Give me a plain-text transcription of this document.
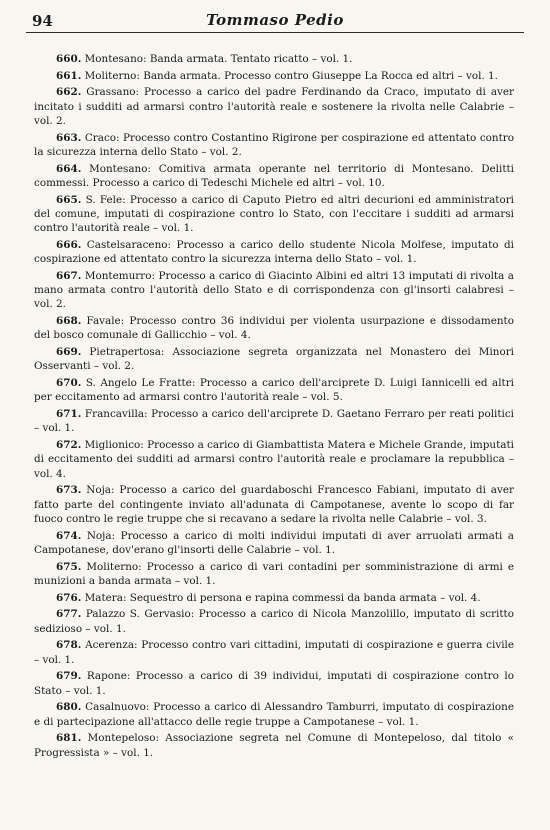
94	Tommaso Pedio

660. Montesano: Banda armata. Tentato ricatto – vol. 1.

661. Moliterno: Banda armata. Processo contro Giuseppe La Rocca ed altri – vol. 1.

662. Grassano: Processo a carico del padre Ferdinando da Craco, imputato di aver incitato i sudditi ad armarsi contro l'autorità reale e sostenere la rivolta nelle Calabrie – vol. 2.

663. Craco: Processo contro Costantino Rigirone per cospirazione ed attentato contro la sicurezza interna dello Stato – vol. 2.

664. Montesano: Comitiva armata operante nel territorio di Montesano. Delitti commessi. Processo a carico di Tedeschi Michele ed altri – vol. 10.

665. S. Fele: Processo a carico di Caputo Pietro ed altri decurioni ed amministratori del comune, imputati di cospirazione contro lo Stato, con l'eccitare i sudditi ad armarsi contro l'autorità reale – vol. 1.

666. Castelsaraceno: Processo a carico dello studente Nicola Molfese, imputato di cospirazione ed attentato contro la sicurezza interna dello Stato – vol. 1.

667. Montemurro: Processo a carico di Giacinto Albini ed altri 13 imputati di rivolta a mano armata contro l'autorità dello Stato e di corrispondenza con gl'insorti calabresi – vol. 2.

668. Favale: Processo contro 36 individui per violenta usurpazione e dissodamento del bosco comunale di Gallicchio – vol. 4.

669. Pietrapertosa: Associazione segreta organizzata nel Monastero dei Minori Osservanti – vol. 2.

670. S. Angelo Le Fratte: Processo a carico dell'arciprete D. Luigi Iannicelli ed altri per eccitamento ad armarsi contro l'autorità reale – vol. 5.

671. Francavilla: Processo a carico dell'arciprete D. Gaetano Ferraro per reati politici – vol. 1.

672. Miglionico: Processo a carico di Giambattista Matera e Michele Grande, imputati di eccitamento dei sudditi ad armarsi contro l'autorità reale e proclamare la repubblica – vol. 4.

673. Noja: Processo a carico del guardaboschi Francesco Fabiani, imputato di aver fatto parte del contingente inviato all'adunata di Campotanese, avente lo scopo di far fuoco contro le regie truppe che si recavano a sedare la rivolta nelle Calabrie – vol. 3.

674. Noja: Processo a carico di molti individui imputati di aver arruolati armati a Campotanese, dov'erano gl'insorti delle Calabrie – vol. 1.

675. Moliterno: Processo a carico di vari contadini per somministrazione di armi e munizioni a banda armata – vol. 1.

676. Matera: Sequestro di persona e rapina commessi da banda armata – vol. 4.

677. Palazzo S. Gervasio: Processo a carico di Nicola Manzolillo, imputato di scritto sedizioso – vol. 1.

678. Acerenza: Processo contro vari cittadini, imputati di cospirazione e guerra civile – vol. 1.

679. Rapone: Processo a carico di 39 individui, imputati di cospirazione contro lo Stato – vol. 1.

680. Casalnuovo: Processo a carico di Alessandro Tamburri, imputato di cospirazione e di partecipazione all'attacco delle regie truppe a Campotanese – vol. 1.

681. Montepeloso: Associazione segreta nel Comune di Montepeloso, dal titolo « Progressista » – vol. 1.
